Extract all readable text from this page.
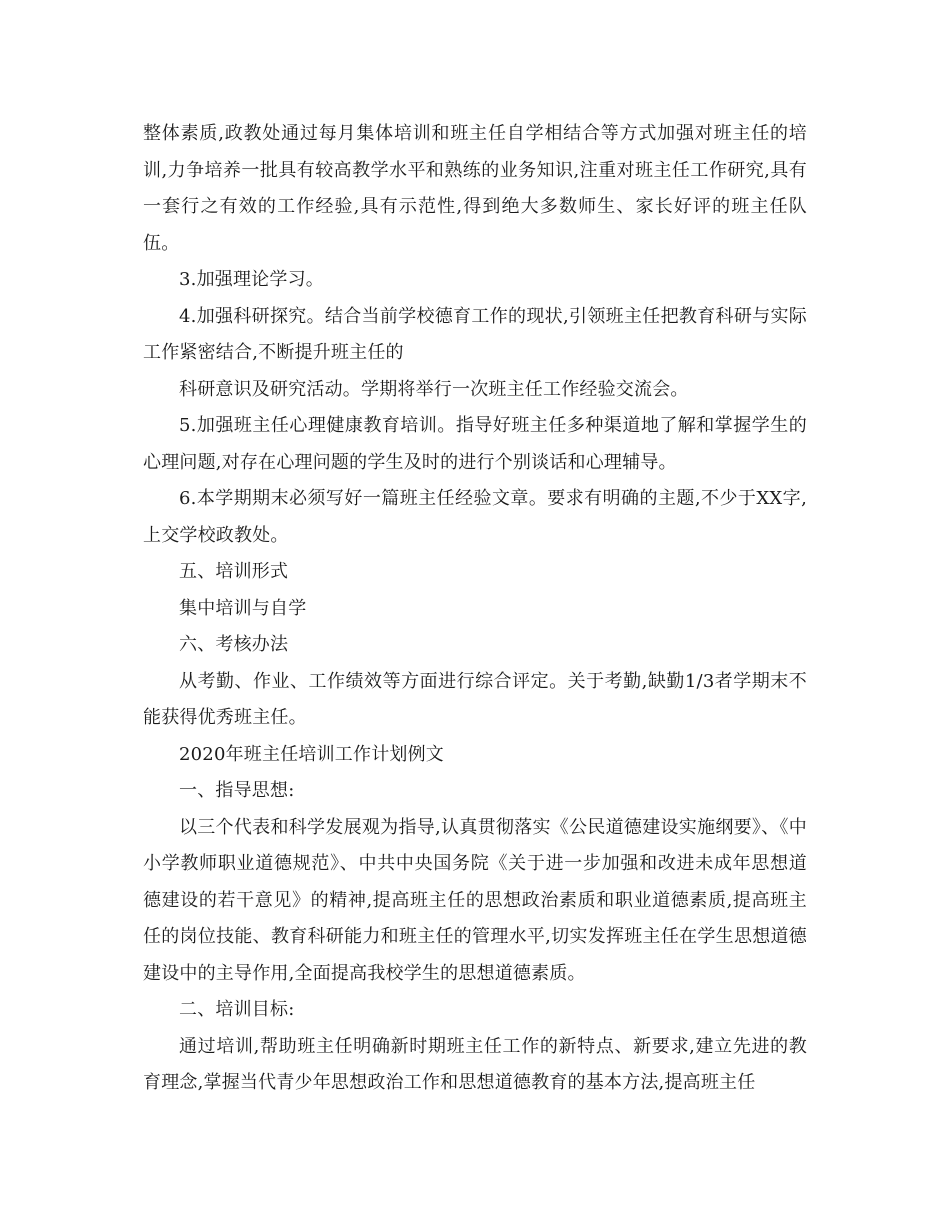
整体素质,政教处通过每月集体培训和班主任自学相结合等方式加强对班主任的培训,力争培养一批具有较高教学水平和熟练的业务知识,注重对班主任工作研究,具有一套行之有效的工作经验,具有示范性,得到绝大多数师生、家长好评的班主任队伍。

3.加强理论学习。

4.加强科研探究。结合当前学校德育工作的现状,引领班主任把教育科研与实际工作紧密结合,不断提升班主任的

科研意识及研究活动。学期将举行一次班主任工作经验交流会。

5.加强班主任心理健康教育培训。指导好班主任多种渠道地了解和掌握学生的心理问题,对存在心理问题的学生及时的进行个别谈话和心理辅导。

6.本学期期末必须写好一篇班主任经验文章。要求有明确的主题,不少于XX字,上交学校政教处。

五、培训形式

集中培训与自学

六、考核办法

从考勤、作业、工作绩效等方面进行综合评定。关于考勤,缺勤1/3者学期末不能获得优秀班主任。

2020年班主任培训工作计划例文

一、指导思想:

以三个代表和科学发展观为指导,认真贯彻落实《公民道德建设实施纲要》、《中小学教师职业道德规范》、中共中央国务院《关于进一步加强和改进未成年思想道德建设的若干意见》的精神,提高班主任的思想政治素质和职业道德素质,提高班主任的岗位技能、教育科研能力和班主任的管理水平,切实发挥班主任在学生思想道德建设中的主导作用,全面提高我校学生的思想道德素质。

二、培训目标:

通过培训,帮助班主任明确新时期班主任工作的新特点、新要求,建立先进的教育理念,掌握当代青少年思想政治工作和思想道德教育的基本方法,提高班主任
